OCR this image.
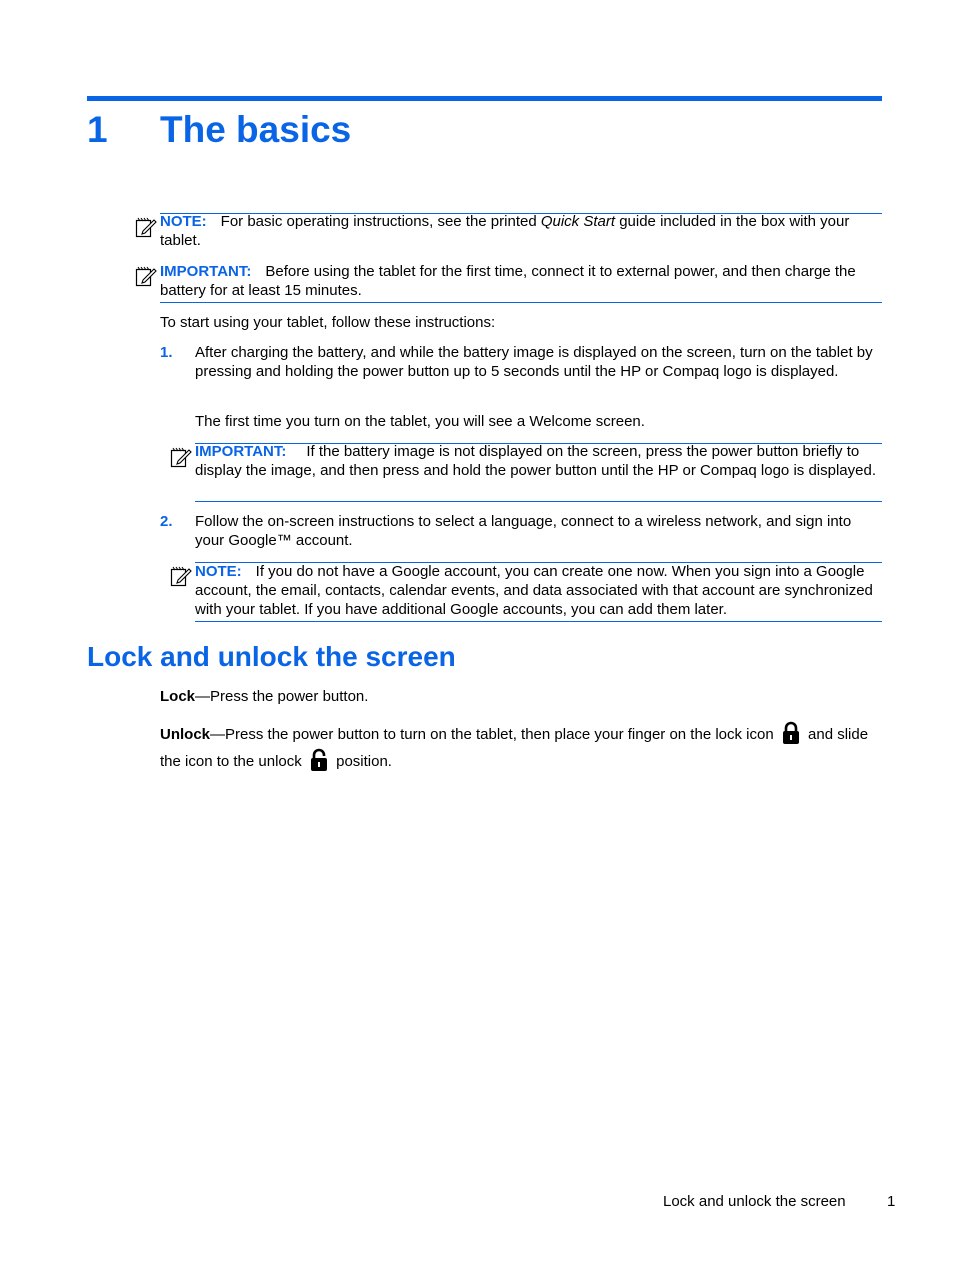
1 The basics
NOTE: For basic operating instructions, see the printed Quick Start guide included in the box with your tablet.
IMPORTANT: Before using the tablet for the first time, connect it to external power, and then charge the battery for at least 15 minutes.
To start using your tablet, follow these instructions:
1. After charging the battery, and while the battery image is displayed on the screen, turn on the tablet by pressing and holding the power button up to 5 seconds until the HP or Compaq logo is displayed.
The first time you turn on the tablet, you will see a Welcome screen.
IMPORTANT: If the battery image is not displayed on the screen, press the power button briefly to display the image, and then press and hold the power button until the HP or Compaq logo is displayed.
2. Follow the on-screen instructions to select a language, connect to a wireless network, and sign into your Google™ account.
NOTE: If you do not have a Google account, you can create one now. When you sign into a Google account, the email, contacts, calendar events, and data associated with that account are synchronized with your tablet. If you have additional Google accounts, you can add them later.
Lock and unlock the screen
Lock—Press the power button.
Unlock—Press the power button to turn on the tablet, then place your finger on the lock icon and slide the icon to the unlock position.
Lock and unlock the screen	1
